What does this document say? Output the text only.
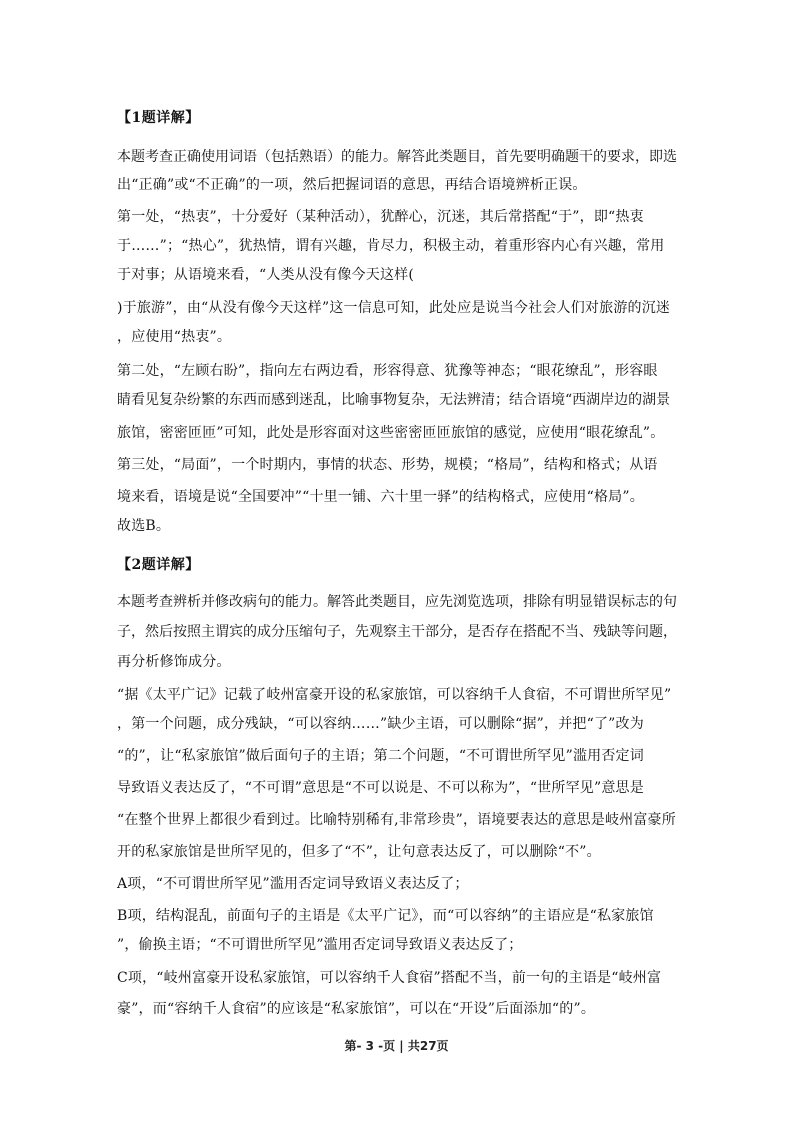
【1题详解】
本题考查正确使用词语（包括熟语）的能力。解答此类题目，首先要明确题干的要求，即选
出“正确”或“不正确”的一项，然后把握词语的意思，再结合语境辨析正误。
第一处，“热衷”，十分爱好（某种活动），犹醉心，沉迷，其后常搭配“于”，即“热衷
于……”；“热心”，犹热情，谓有兴趣，肯尽力，积极主动，着重形容内心有兴趣，常用
于对事；从语境来看，“人类从没有像今天这样(
)于旅游”，由“从没有像今天这样”这一信息可知，此处应是说当今社会人们对旅游的沉迷
，应使用“热衷”。
第二处，“左顾右盼”，指向左右两边看，形容得意、犹豫等神态；“眼花缭乱”，形容眼
睛看见复杂纷繁的东西而感到迷乱，比喻事物复杂，无法辨清；结合语境“西湖岸边的湖景
旅馆，密密匝匝”可知，此处是形容面对这些密密匝匝旅馆的感觉，应使用“眼花缭乱”。
第三处，“局面”，一个时期内，事情的状态、形势，规模；“格局”，结构和格式；从语
境来看，语境是说“全国要冲”“十里一铺、六十里一驿”的结构格式，应使用“格局”。
故选B。
【2题详解】
本题考查辨析并修改病句的能力。解答此类题目，应先浏览选项，排除有明显错误标志的句
子，然后按照主谓宾的成分压缩句子，先观察主干部分，是否存在搭配不当、残缺等问题，
再分析修饰成分。
“据《太平广记》记载了岐州富豪开设的私家旅馆，可以容纳千人食宿，不可谓世所罕见”
，第一个问题，成分残缺，“可以容纳……”缺少主语，可以删除“据”，并把“了”改为
“的”，让“私家旅馆”做后面句子的主语；第二个问题，“不可谓世所罕见”滥用否定词
导致语义表达反了，“不可谓”意思是“不可以说是、不可以称为”，“世所罕见”意思是
“在整个世界上都很少看到过。比喻特别稀有,非常珍贵”，语境要表达的意思是岐州富豪所
开的私家旅馆是世所罕见的，但多了“不”，让句意表达反了，可以删除“不”。
A项，“不可谓世所罕见”滥用否定词导致语义表达反了；
B项，结构混乱，前面句子的主语是《太平广记》，而“可以容纳”的主语应是“私家旅馆
”，偷换主语；“不可谓世所罕见”滥用否定词导致语义表达反了；
C项，“岐州富豪开设私家旅馆，可以容纳千人食宿”搭配不当，前一句的主语是“岐州富
豪”，而“容纳千人食宿”的应该是“私家旅馆”，可以在“开设”后面添加“的”。
第- 3 -页 | 共27页
